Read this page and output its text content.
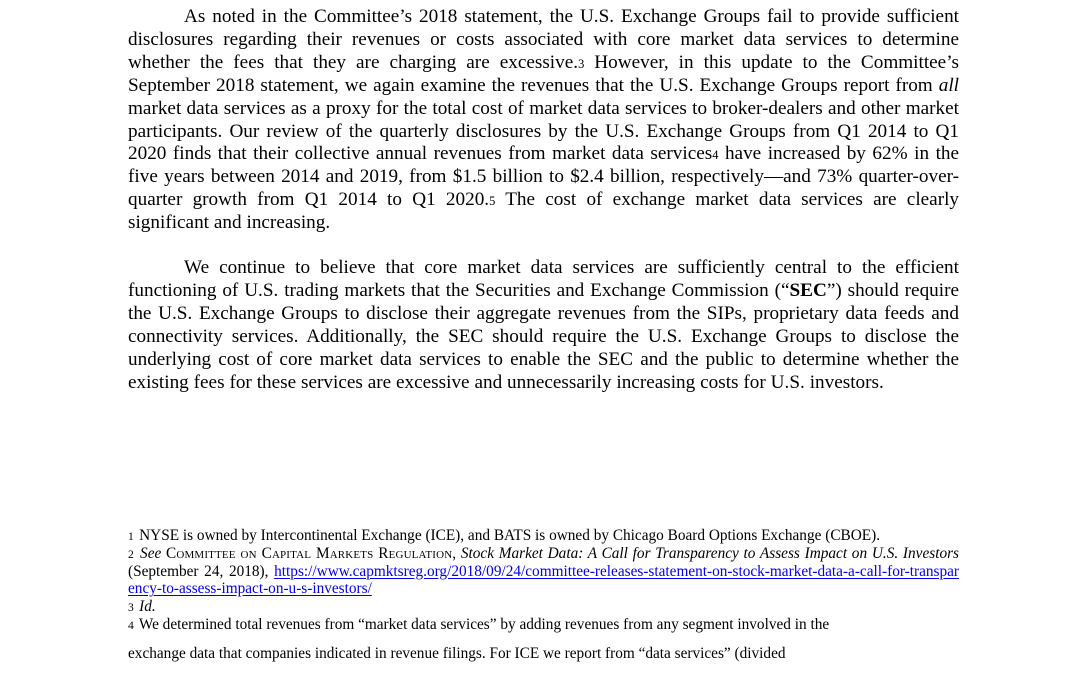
As noted in the Committee’s 2018 statement, the U.S. Exchange Groups fail to provide sufficient disclosures regarding their revenues or costs associated with core market data services to determine whether the fees that they are charging are excessive.3 However, in this update to the Committee’s September 2018 statement, we again examine the revenues that the U.S. Exchange Groups report from all market data services as a proxy for the total cost of market data services to broker-dealers and other market participants. Our review of the quarterly disclosures by the U.S. Exchange Groups from Q1 2014 to Q1 2020 finds that their collective annual revenues from market data services4 have increased by 62% in the five years between 2014 and 2019, from $1.5 billion to $2.4 billion, respectively—and 73% quarter-over-quarter growth from Q1 2014 to Q1 2020.5 The cost of exchange market data services are clearly significant and increasing.

We continue to believe that core market data services are sufficiently central to the efficient functioning of U.S. trading markets that the Securities and Exchange Commission (“SEC”) should require the U.S. Exchange Groups to disclose their aggregate revenues from the SIPs, proprietary data feeds and connectivity services. Additionally, the SEC should require the U.S. Exchange Groups to disclose the underlying cost of core market data services to enable the SEC and the public to determine whether the existing fees for these services are excessive and unnecessarily increasing costs for U.S. investors.

1 NYSE is owned by Intercontinental Exchange (ICE), and BATS is owned by Chicago Board Options Exchange (CBOE).

2 See Committee on Capital Markets Regulation, Stock Market Data: A Call for Transparency to Assess Impact on U.S. Investors (September 24, 2018), https://www.capmktsreg.org/2018/09/24/committee-releases-statement-on-stock-market-data-a-call-for-transparency-to-assess-impact-on-u-s-investors/

3 Id.

4 We determined total revenues from “market data services” by adding revenues from any segment involved in the

exchange data that companies indicated in revenue filings. For ICE we report from “data services” (divided
